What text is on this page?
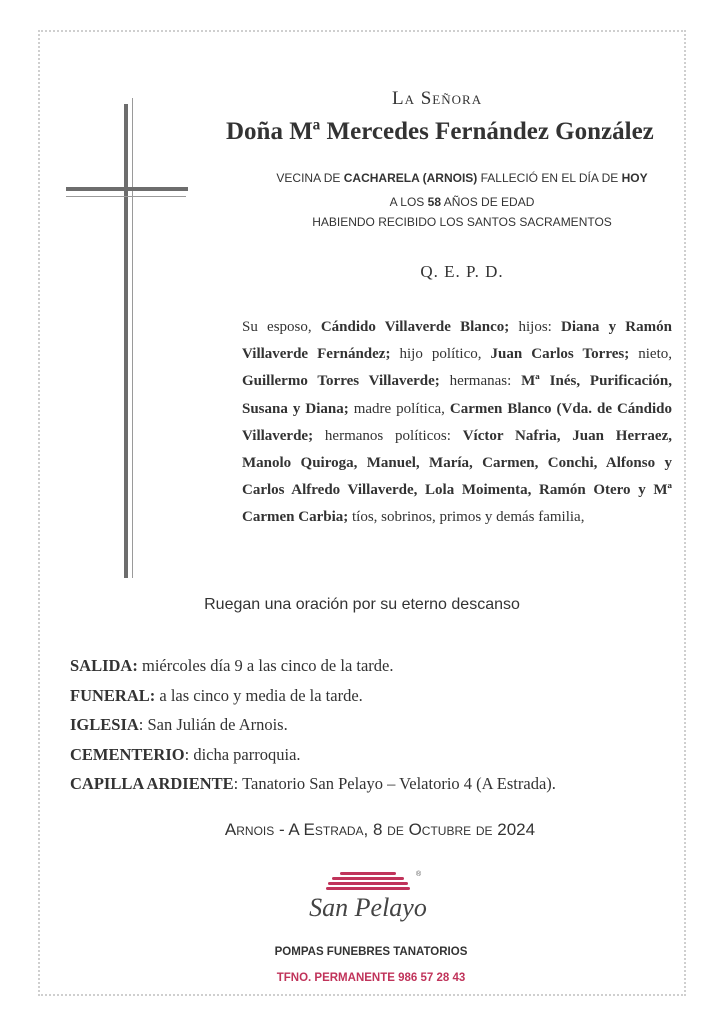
La Señora
Doña Mª Mercedes Fernández González
VECINA DE CACHARELA (ARNOIS) FALLECIÓ EN EL DÍA DE HOY
A LOS 58 AÑOS DE EDAD
HABIENDO RECIBIDO LOS SANTOS SACRAMENTOS
Q. E. P. D.
Su esposo, Cándido Villaverde Blanco; hijos: Diana y Ramón Villaverde Fernández; hijo político, Juan Carlos Torres; nieto, Guillermo Torres Villaverde; hermanas: Mª Inés, Purificación, Susana y Diana; madre política, Carmen Blanco (Vda. de Cándido Villaverde; hermanos políticos: Víctor Nafria, Juan Herraez, Manolo Quiroga, Manuel, María, Carmen, Conchi, Alfonso y Carlos Alfredo Villaverde, Lola Moimenta, Ramón Otero y Mª Carmen Carbia; tíos, sobrinos, primos y demás familia,
Ruegan una oración por su eterno descanso
SALIDA: miércoles día 9 a las cinco de la tarde.
FUNERAL: a las cinco y media de la tarde.
IGLESIA: San Julián de Arnois.
CEMENTERIO: dicha parroquia.
CAPILLA ARDIENTE: Tanatorio San Pelayo – Velatorio 4 (A Estrada).
Arnois - A Estrada, 8 de Octubre de 2024
®
San Pelayo
POMPAS FUNEBRES TANATORIOS
TFNO. PERMANENTE 986 57 28 43
